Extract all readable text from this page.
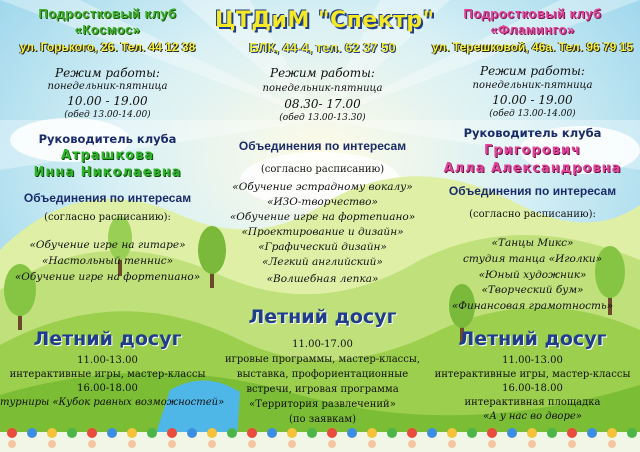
Подростковый клуб
«Космос»
ул. Горького, 26. Тел. 44 12 38
Режим работы:
понедельник-пятница
10.00 - 19.00
(обед 13.00-14.00)
Руководитель клуба
Атрашкова
Инна Николаевна
Объединения по интересам
(согласно расписанию):
«Обучение игре на гитаре»
«Настольный теннис»
«Обучение игре на фортепиано»
Летний досуг
11.00-13.00
интерактивные игры, мастер-классы
16.00-18.00
турниры «Кубок равных возможностей»
ЦТДиМ "Спектр"
БЛК, 44-4, тел. 62 37 50
Режим работы:
понедельник-пятница
08.30- 17.00
(обед 13.00-13.30)
Объединения по интересам
(согласно расписанию)
«Обучение эстрадному вокалу»
«ИЗО-творчество»
«Обучение игре на фортепиано»
«Проектирование и дизайн»
«Графический дизайн»
«Легкий английский»
«Волшебная лепка»
Летний досуг
11.00-17.00
игровые программы, мастер-классы,
выставка, профориентационные
встречи, игровая программа
«Территория развлечений»
(по заявкам)
Подростковый клуб
«Фламинго»
ул. Терешковой, 46а. Тел. 96 79 15
Режим работы:
понедельник-пятница
10.00 - 19.00
(обед 13.00-14.00)
Руководитель клуба
Григорович
Алла Александровна
Объединения по интересам
(согласно расписанию):
«Танцы Микс»
студия танца «Иголки»
«Юный художник»
«Творческий бум»
«Финансовая грамотность»
Летний досуг
11.00-13.00
интерактивные игры, мастер-классы
16.00-18.00
интерактивная площадка
«А у нас во дворе»
